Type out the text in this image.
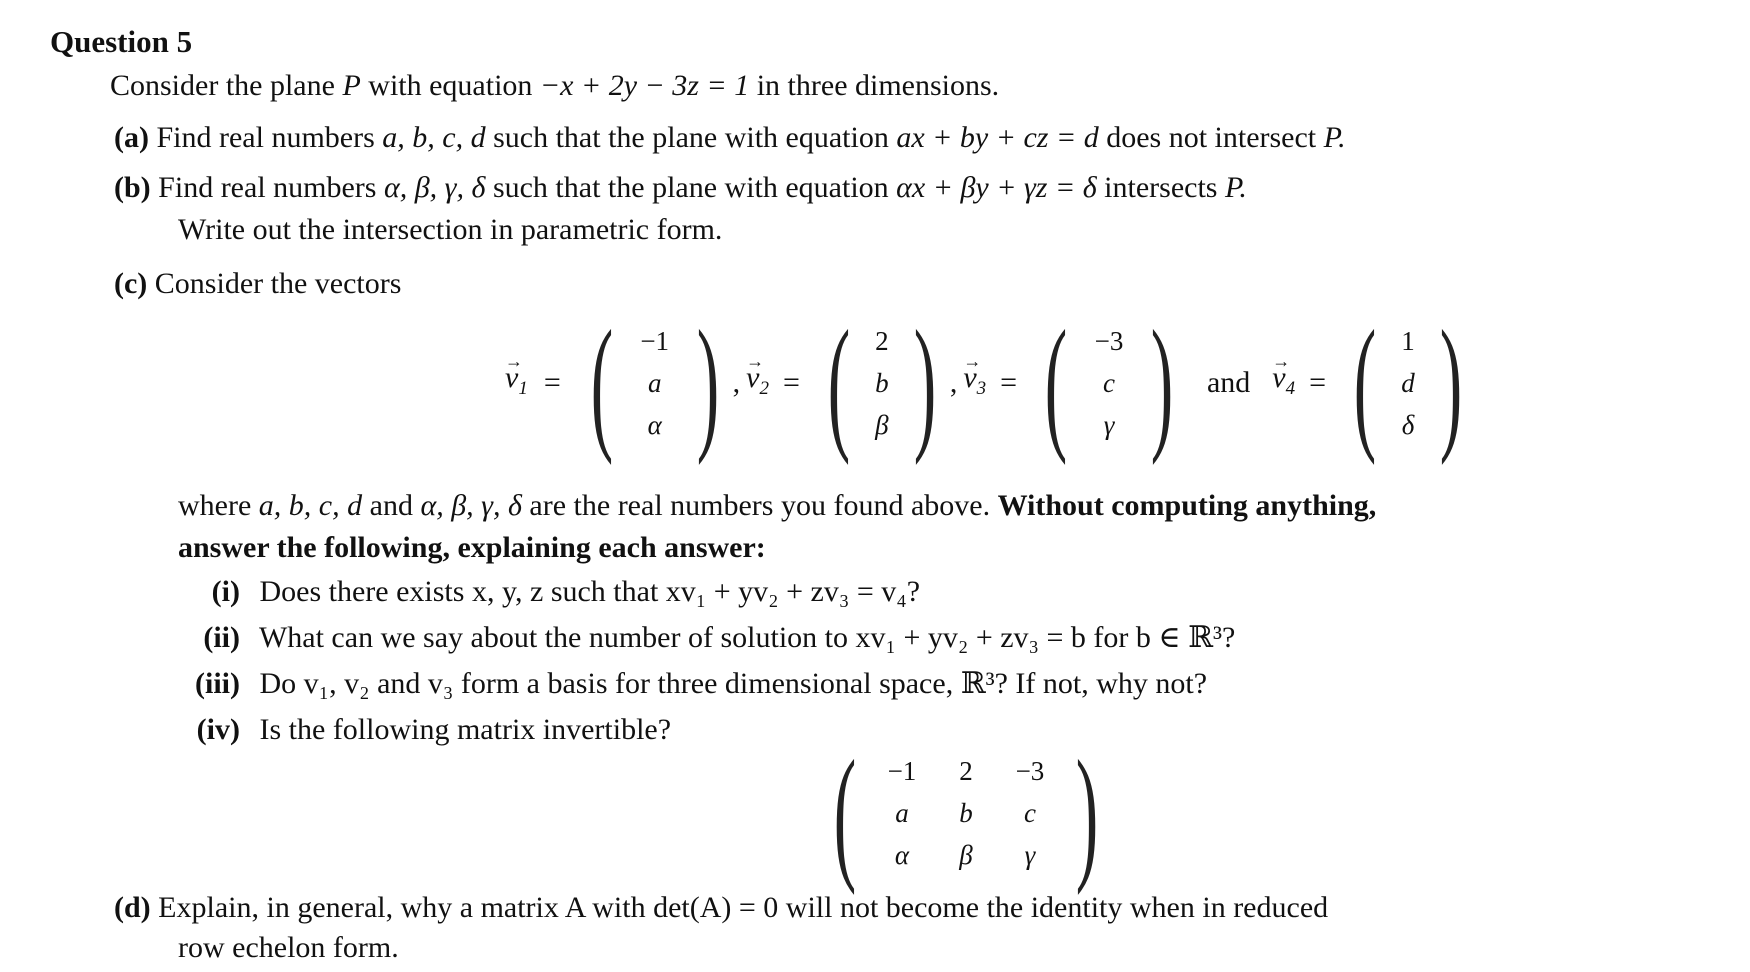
Question 5
Consider the plane P with equation −x + 2y − 3z = 1 in three dimensions.
(a) Find real numbers a, b, c, d such that the plane with equation ax + by + cz = d does not intersect P.
(b) Find real numbers α, β, γ, δ such that the plane with equation αx + βy + γz = δ intersects P.
Write out the intersection in parametric form.
(c) Consider the vectors
→ $v_1$ = ( −1
a
α ) , → $v_2$ = ( 2
b
β ) , → $v_3$ = ( −3
c
γ ) and → $v_4$ = ( 1
d
δ )
where a, b, c, d and α, β, γ, δ are the real numbers you found above. Without computing anything,
answer the following, explaining each answer:
(i) Does there exists x, y, z such that xv₁ + yv₂ + zv₃ = v₄?
(ii) What can we say about the number of solution to xv₁ + yv₂ + zv₃ = b for b ∈ ℝ³?
(iii) Do v₁, v₂ and v₃ form a basis for three dimensional space, ℝ³? If not, why not?
(iv) Is the following matrix invertible?
(	−1	2	−3
a	b	c
α	β	γ )
(d) Explain, in general, why a matrix A with det(A) = 0 will not become the identity when in reduced
row echelon form.
